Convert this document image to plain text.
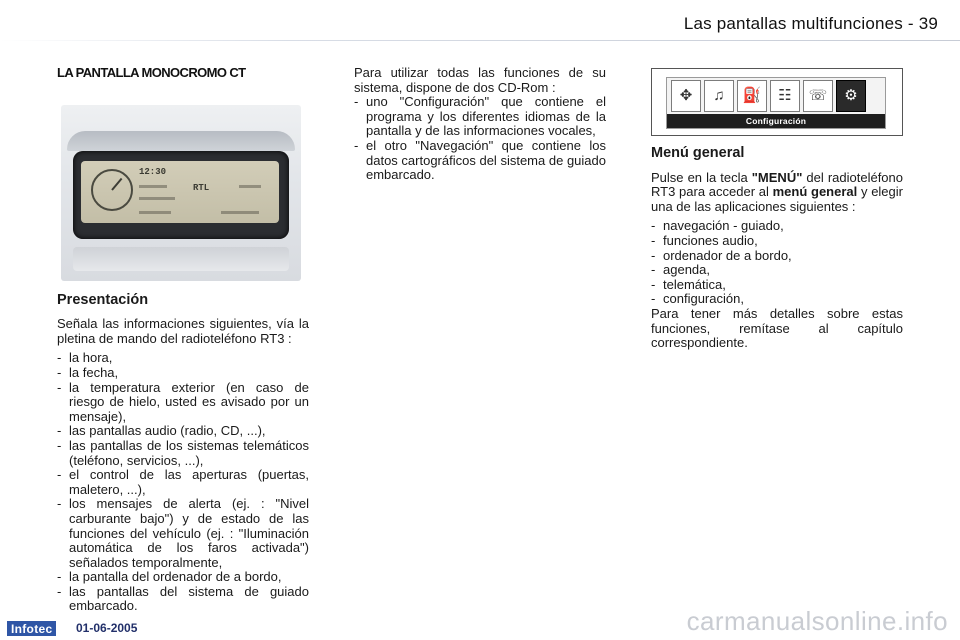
Las pantallas multifunciones - 39
LA PANTALLA MONOCROMO CT
12:30
RTL
Presentación

Señala las informaciones siguientes, vía la pletina de mando del radioteléfono RT3 :

- la hora,
- la fecha,
- la temperatura exterior (en caso de riesgo de hielo, usted es avisado por un mensaje),
- las pantallas audio (radio, CD, ...),
- las pantallas de los sistemas telemáticos (teléfono, servicios, ...),
- el control de las aperturas (puertas, maletero, ...),
- los mensajes de alerta (ej. : "Nivel carburante bajo") y de estado de las funciones del vehículo (ej. : "Iluminación automática de los faros activada") señalados temporalmente,
- la pantalla del ordenador de a bordo,
- las pantallas del sistema de guiado embarcado.

Para utilizar todas las funciones de su sistema, dispone de dos CD-Rom :

- uno "Configuración" que contiene el programa y los diferentes idiomas de la pantalla y de las informaciones vocales,
- el otro "Navegación" que contiene los datos cartográficos del sistema de guiado embarcado.
✥	♫	⛽	☷	☏	⚙
Configuración
Menú general

Pulse en la tecla "MENÚ" del radioteléfono RT3 para acceder al menú general y elegir una de las aplicaciones siguientes :

- navegación - guiado,
- funciones audio,
- ordenador de a bordo,
- agenda,
- telemática,
- configuración,

Para tener más detalles sobre estas funciones, remítase al capítulo correspondiente.

Infotec	01-06-2005	carmanualsonline.info
